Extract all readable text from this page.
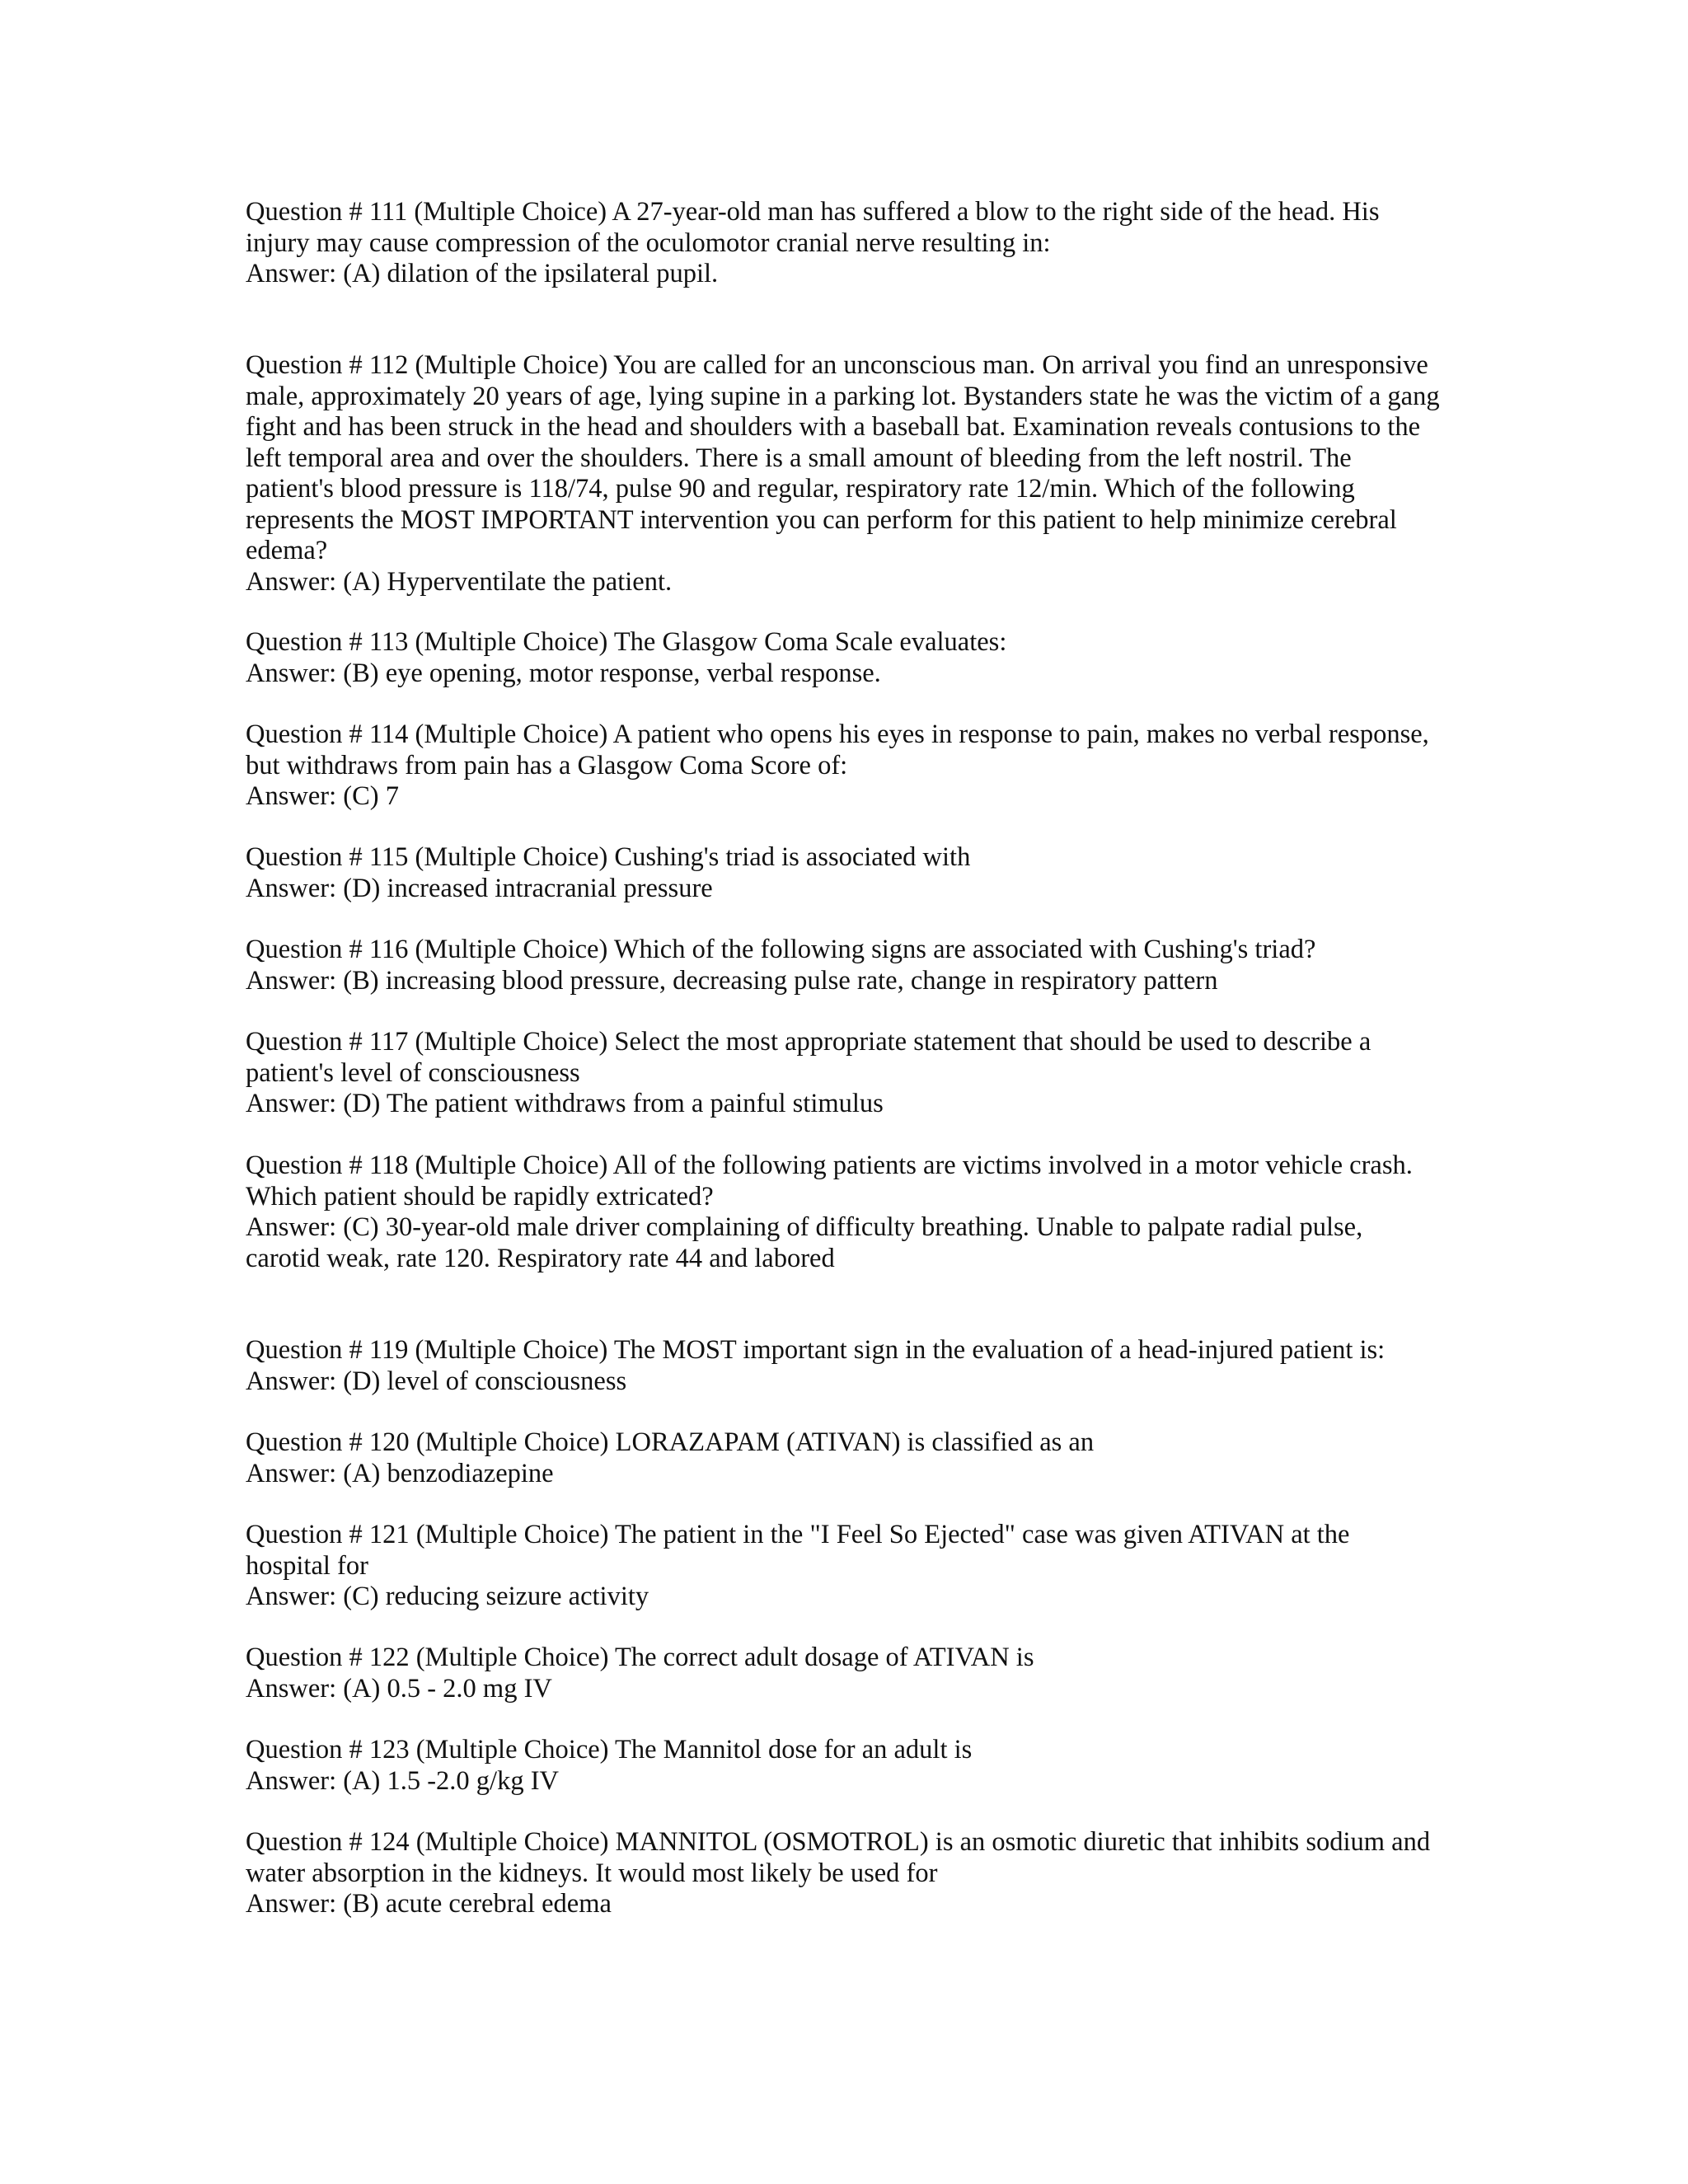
Question # 111 (Multiple Choice) A 27-year-old man has suffered a blow to the right side of the head. His injury may cause compression of the oculomotor cranial nerve resulting in:

Answer: (A) dilation of the ipsilateral pupil.

Question # 112 (Multiple Choice) You are called for an unconscious man. On arrival you find an unresponsive male, approximately 20 years of age, lying supine in a parking lot. Bystanders state he was the victim of a gang fight and has been struck in the head and shoulders with a baseball bat. Examination reveals contusions to the left temporal area and over the shoulders. There is a small amount of bleeding from the left nostril. The patient's blood pressure is 118/74, pulse 90 and regular, respiratory rate 12/min. Which of the following represents the MOST IMPORTANT intervention you can perform for this patient to help minimize cerebral edema?

Answer: (A) Hyperventilate the patient.

Question # 113 (Multiple Choice) The Glasgow Coma Scale evaluates:

Answer: (B) eye opening, motor response, verbal response.

Question # 114 (Multiple Choice) A patient who opens his eyes in response to pain, makes no verbal response, but withdraws from pain has a Glasgow Coma Score of:

Answer: (C) 7

Question # 115 (Multiple Choice) Cushing's triad is associated with

Answer: (D) increased intracranial pressure

Question # 116 (Multiple Choice) Which of the following signs are associated with Cushing's triad?

Answer: (B) increasing blood pressure, decreasing pulse rate, change in respiratory pattern

Question # 117 (Multiple Choice) Select the most appropriate statement that should be used to describe a patient's level of consciousness

Answer: (D) The patient withdraws from a painful stimulus

Question # 118 (Multiple Choice) All of the following patients are victims involved in a motor vehicle crash. Which patient should be rapidly extricated?

Answer: (C) 30-year-old male driver complaining of difficulty breathing. Unable to palpate radial pulse, carotid weak, rate 120. Respiratory rate 44 and labored

Question # 119 (Multiple Choice) The MOST important sign in the evaluation of a head-injured patient is:

Answer: (D) level of consciousness

Question # 120 (Multiple Choice) LORAZAPAM (ATIVAN) is classified as an

Answer: (A) benzodiazepine

Question # 121 (Multiple Choice) The patient in the "I Feel So Ejected" case was given ATIVAN at the hospital for

Answer: (C) reducing seizure activity

Question # 122 (Multiple Choice) The correct adult dosage of ATIVAN is

Answer: (A) 0.5 - 2.0 mg IV

Question # 123 (Multiple Choice) The Mannitol dose for an adult is

Answer: (A) 1.5 -2.0 g/kg IV

Question # 124 (Multiple Choice) MANNITOL (OSMOTROL) is an osmotic diuretic that inhibits sodium and water absorption in the kidneys. It would most likely be used for

Answer: (B) acute cerebral edema
